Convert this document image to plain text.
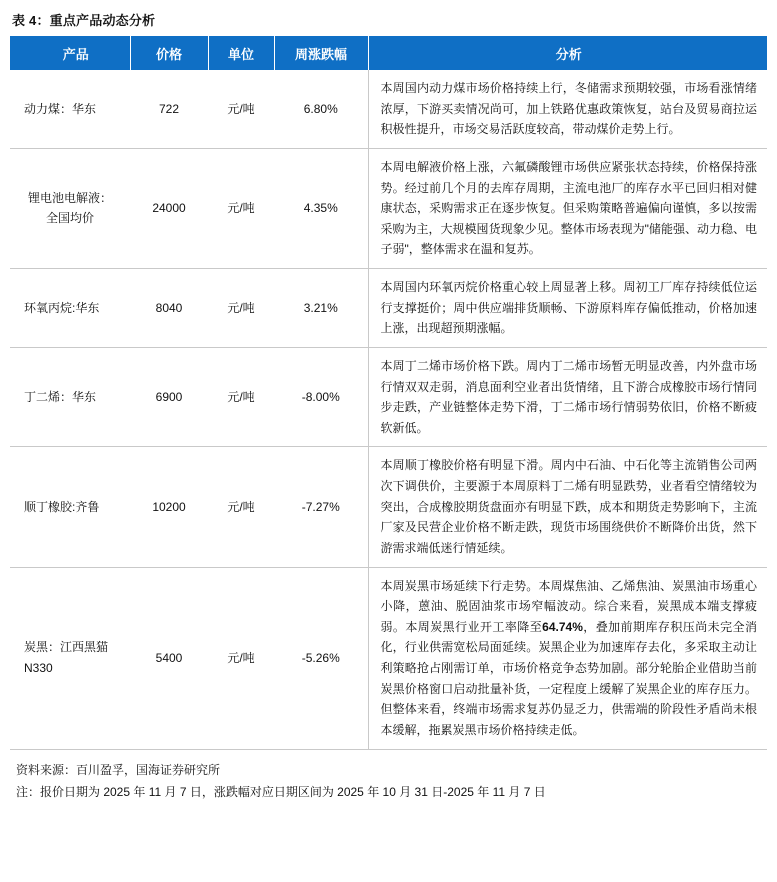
表 4：重点产品动态分析
产品	价格	单位	周涨跌幅	分析
动力煤：华东	722	元/吨	6.80%	本周国内动力煤市场价格持续上行，冬储需求预期较强，市场看涨情绪浓厚，下游买卖情况尚可，加上铁路优惠政策恢复，站台及贸易商拉运积极性提升，市场交易活跃度较高，带动煤价走势上行。
锂电池电解液：
全国均价	24000	元/吨	4.35%	本周电解液价格上涨，六氟磷酸锂市场供应紧张状态持续，价格保持涨势。经过前几个月的去库存周期，主流电池厂的库存水平已回归相对健康状态，采购需求正在逐步恢复。但采购策略普遍偏向谨慎，多以按需采购为主，大规模囤货现象少见。整体市场表现为"储能强、动力稳、电子弱"，整体需求在温和复苏。
环氧丙烷:华东	8040	元/吨	3.21%	本周国内环氧丙烷价格重心较上周显著上移。周初工厂库存持续低位运行支撑挺价；周中供应端排货顺畅、下游原料库存偏低推动，价格加速上涨，出现超预期涨幅。
丁二烯：华东	6900	元/吨	-8.00%	本周丁二烯市场价格下跌。周内丁二烯市场暂无明显改善，内外盘市场行情双双走弱，消息面利空业者出货情绪，且下游合成橡胶市场行情同步走跌，产业链整体走势下滑，丁二烯市场行情弱势依旧，价格不断疲软新低。
顺丁橡胶:齐鲁	10200	元/吨	-7.27%	本周顺丁橡胶价格有明显下滑。周内中石油、中石化等主流销售公司两次下调供价，主要源于本周原料丁二烯有明显跌势，业者看空情绪较为突出，合成橡胶期货盘面亦有明显下跌，成本和期货走势影响下，主流厂家及民营企业价格不断走跌，现货市场围绕供价不断降价出货，然下游需求端低迷行情延续。
炭黑：江西黑猫
N330	5400	元/吨	-5.26%	本周炭黑市场延续下行走势。本周煤焦油、乙烯焦油、炭黑油市场重心小降，蒽油、脱固油浆市场窄幅波动。综合来看，炭黑成本端支撑疲弱。本周炭黑行业开工率降至64.74%，叠加前期库存积压尚未完全消化，行业供需宽松局面延续。炭黑企业为加速库存去化，多采取主动让利策略抢占刚需订单，市场价格竞争态势加剧。部分轮胎企业借助当前炭黑价格窗口启动批量补货，一定程度上缓解了炭黑企业的库存压力。但整体来看，终端市场需求复苏仍显乏力，供需端的阶段性矛盾尚未根本缓解，拖累炭黑市场价格持续走低。
资料来源：百川盈孚，国海证券研究所
注：报价日期为 2025 年 11 月 7 日，涨跌幅对应日期区间为 2025 年 10 月 31 日-2025 年 11 月 7 日
